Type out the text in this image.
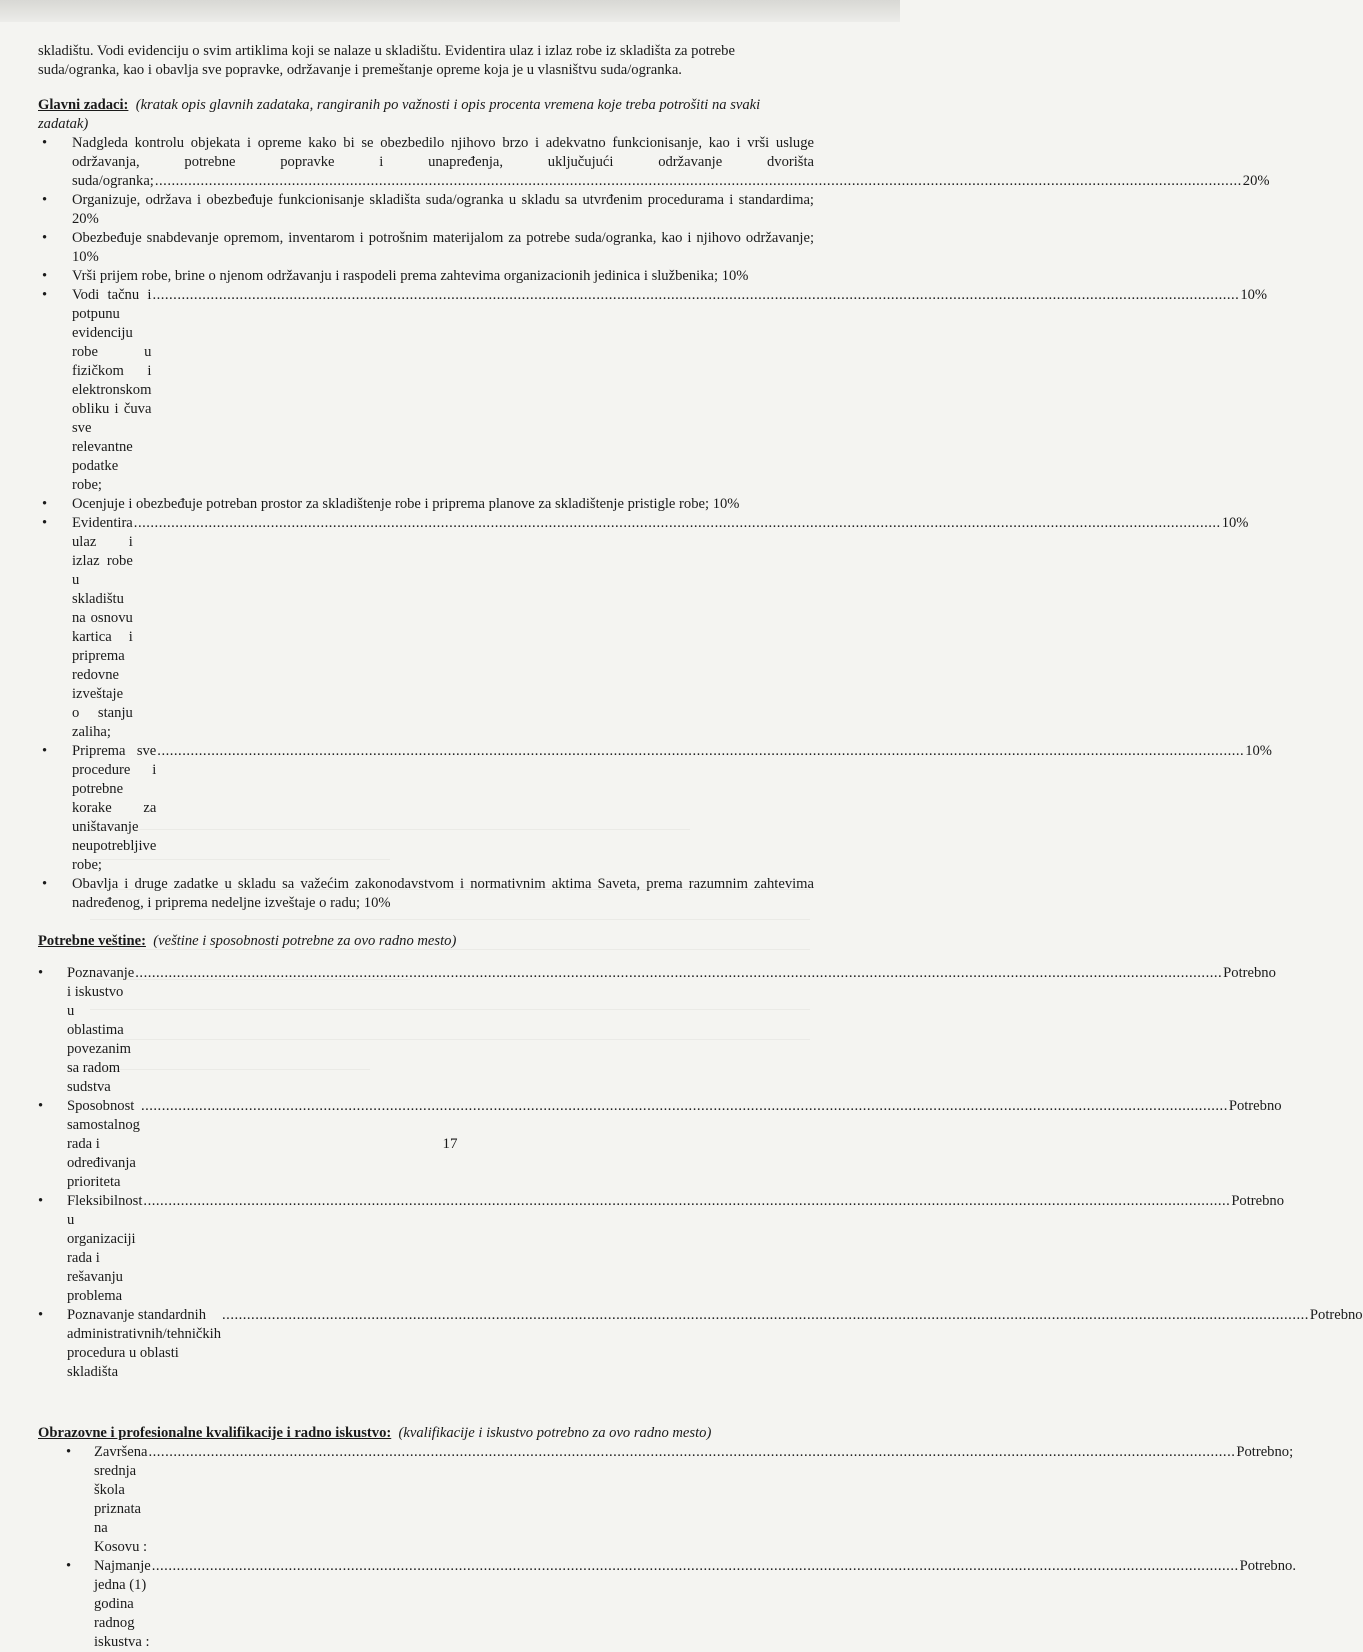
skladištu. Vodi evidenciju o svim artiklima koji se nalaze u skladištu. Evidentira ulaz i izlaz robe iz skladišta za potrebe suda/ogranka, kao i obavlja sve popravke, održavanje i premeštanje opreme koja je u vlasništvu suda/ogranka.

Glavni zadaci: (kratak opis glavnih zadataka, rangiranih po važnosti i opis procenta vremena koje treba potrošiti na svaki zadatak)

• Nadgleda kontrolu objekata i opreme kako bi se obezbedilo njihovo brzo i adekvatno funkcionisanje, kao i vrši usluge održavanja, potrebne popravke i unapređenja, uključujući održavanje dvorišta suda/ogranka; .....	20%
• Organizuje, održava i obezbeđuje funkcionisanje skladišta suda/ogranka u skladu sa utvrđenim procedurama i standardima; 20%
• Obezbeđuje snabdevanje opremom, inventarom i potrošnim materijalom za potrebe suda/ogranka, kao i njihovo održavanje; 10%
• Vrši prijem robe, brine o njenom održavanju i raspodeli prema zahtevima organizacionih jedinica i službenika; 10%
• Vodi tačnu i potpunu evidenciju robe u fizičkom i elektronskom obliku i čuva sve relevantne podatke robe;
.....
10%
• Ocenjuje i obezbeđuje potreban prostor za skladištenje robe i priprema planove za skladištenje pristigle robe; 10%
• Evidentira ulaz i izlaz robe u skladištu na osnovu kartica i priprema redovne izveštaje o stanju zaliha;
.....
10%
• Priprema sve procedure i potrebne korake za uništavanje neupotrebljive robe;
.....
10%
• Obavlja i druge zadatke u skladu sa važećim zakonodavstvom i normativnim aktima Saveta, prema razumnim zahtevima nadređenog, i priprema nedeljne izveštaje o radu; 10%

Potrebne veštine: (veštine i sposobnosti potrebne za ovo radno mesto)

• Poznavanje i iskustvo u oblastima povezanim sa radom sudstva
.....
Potrebno
• Sposobnost samostalnog rada i određivanja prioriteta
.....
Potrebno
• Fleksibilnost u organizaciji rada i rešavanju problema
.....
Potrebno
• Poznavanje standardnih administrativnih/tehničkih procedura u oblasti skladišta
.....
Potrebno

Obrazovne i profesionalne kvalifikacije i radno iskustvo: (kvalifikacije i iskustvo potrebno za ovo radno mesto)

• Završena srednja škola priznata na Kosovu :
.....
Potrebno;
• Najmanje jedna (1) godina radnog iskustva :
.....
Potrebno.
17
